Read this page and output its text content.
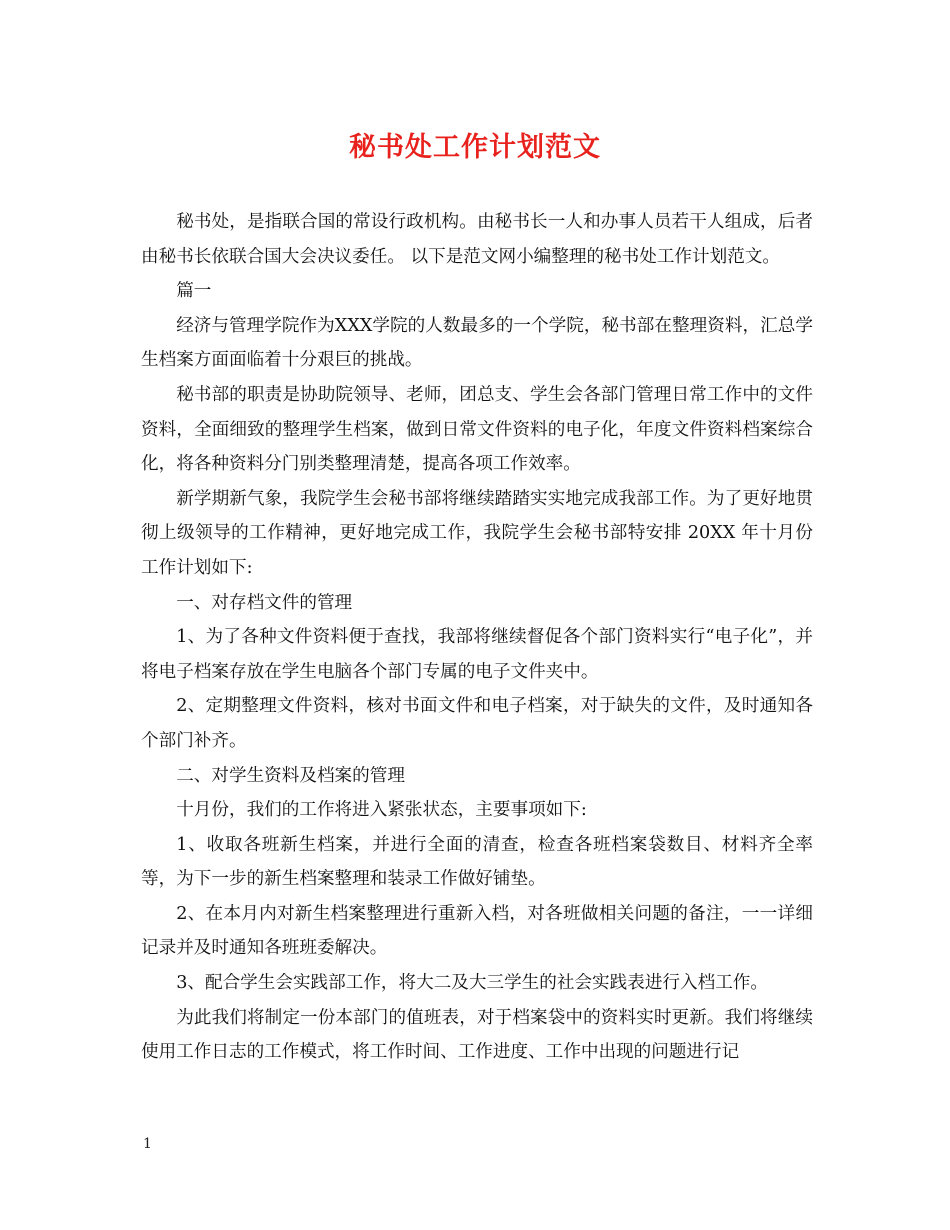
秘书处工作计划范文

秘书处，是指联合国的常设行政机构。由秘书长一人和办事人员若干人组成，后者由秘书长依联合国大会决议委任。 以下是范文网小编整理的秘书处工作计划范文。

篇一

经济与管理学院作为XXX学院的人数最多的一个学院，秘书部在整理资料，汇总学生档案方面面临着十分艰巨的挑战。

秘书部的职责是协助院领导、老师，团总支、学生会各部门管理日常工作中的文件资料，全面细致的整理学生档案，做到日常文件资料的电子化，年度文件资料档案综合化，将各种资料分门别类整理清楚，提高各项工作效率。

新学期新气象，我院学生会秘书部将继续踏踏实实地完成我部工作。为了更好地贯彻上级领导的工作精神，更好地完成工作，我院学生会秘书部特安排 20XX 年十月份工作计划如下:

一、对存档文件的管理

1、为了各种文件资料便于查找，我部将继续督促各个部门资料实行“电子化”，并将电子档案存放在学生电脑各个部门专属的电子文件夹中。

2、定期整理文件资料，核对书面文件和电子档案，对于缺失的文件，及时通知各个部门补齐。

二、对学生资料及档案的管理

十月份，我们的工作将进入紧张状态，主要事项如下:

1、收取各班新生档案，并进行全面的清查，检查各班档案袋数目、材料齐全率等，为下一步的新生档案整理和装录工作做好铺垫。

2、在本月内对新生档案整理进行重新入档，对各班做相关问题的备注，一一详细记录并及时通知各班班委解决。

3、配合学生会实践部工作，将大二及大三学生的社会实践表进行入档工作。

为此我们将制定一份本部门的值班表，对于档案袋中的资料实时更新。我们将继续使用工作日志的工作模式，将工作时间、工作进度、工作中出现的问题进行记

1
